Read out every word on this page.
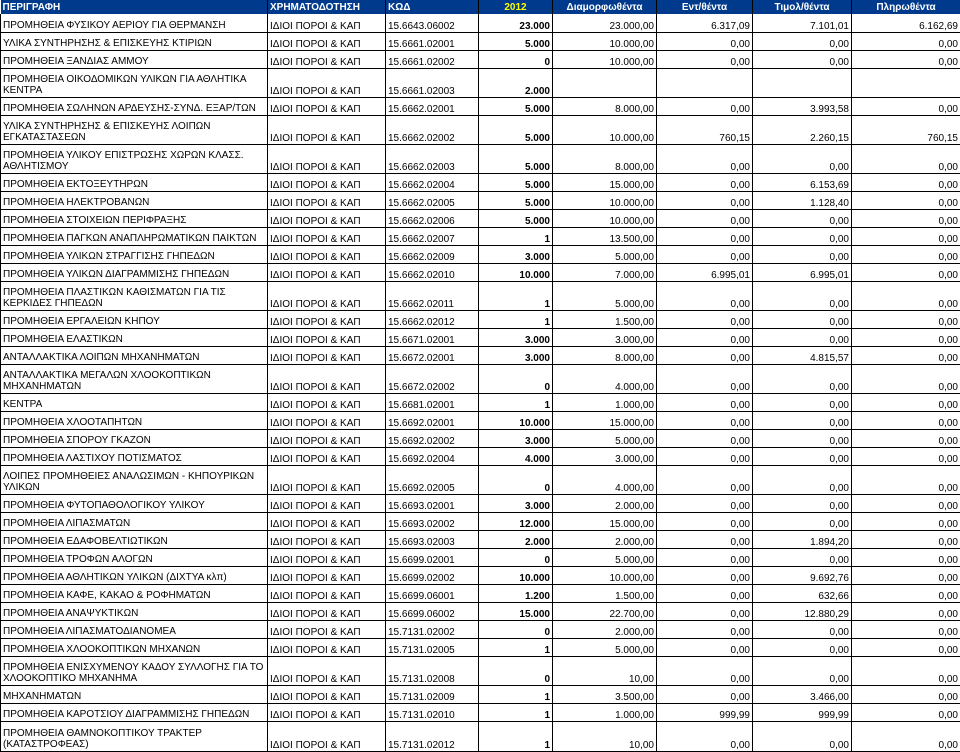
ΠΕΡΙΓΡΑΦΗ	ΧΡΗΜΑΤΟΔΟΤΗΣΗ	ΚΩΔ	2012	Διαμορφωθέντα	Εντ/θέντα	Τιμολ/θέντα	Πληρωθέντα
ΠΡΟΜΗΘΕΙΑ ΦΥΣΙΚΟΥ ΑΕΡΙΟΥ ΓΙΑ ΘΕΡΜΑΝΣΗ	ΙΔΙΟΙ ΠΟΡΟΙ & ΚΑΠ	15.6643.06002	23.000	23.000,00	6.317,09	7.101,01	6.162,69
ΥΛΙΚΑ ΣΥΝΤΗΡΗΣΗΣ & ΕΠΙΣΚΕΥΗΣ ΚΤΙΡΙΩΝ	ΙΔΙΟΙ ΠΟΡΟΙ & ΚΑΠ	15.6661.02001	5.000	10.000,00	0,00	0,00	0,00
ΠΡΟΜΗΘΕΙΑ ΞΑΝΔΙΑΣ ΑΜΜΟΥ	ΙΔΙΟΙ ΠΟΡΟΙ & ΚΑΠ	15.6661.02002	0	10.000,00	0,00	0,00	0,00
ΠΡΟΜΗΘΕΙΑ ΟΙΚΟΔΟΜΙΚΩΝ ΥΛΙΚΩΝ ΓΙΑ ΑΘΛΗΤΙΚΑ ΚΕΝΤΡΑ	ΙΔΙΟΙ ΠΟΡΟΙ & ΚΑΠ	15.6661.02003	2.000				
ΠΡΟΜΗΘΕΙΑ ΣΩΛΗΝΩΝ ΑΡΔΕΥΣΗΣ-ΣΥΝΔ. ΕΞΑΡ/ΤΩΝ	ΙΔΙΟΙ ΠΟΡΟΙ & ΚΑΠ	15.6662.02001	5.000	8.000,00	0,00	3.993,58	0,00
ΥΛΙΚΑ ΣΥΝΤΗΡΗΣΗΣ & ΕΠΙΣΚΕΥΗΣ ΛΟΙΠΩΝ ΕΓΚΑΤΑΣΤΑΣΕΩΝ	ΙΔΙΟΙ ΠΟΡΟΙ & ΚΑΠ	15.6662.02002	5.000	10.000,00	760,15	2.260,15	760,15
ΠΡΟΜΗΘΕΙΑ ΥΛΙΚΟΥ ΕΠΙΣΤΡΩΣΗΣ ΧΩΡΩΝ ΚΛΑΣΣ. ΑΘΛΗΤΙΣΜΟΥ	ΙΔΙΟΙ ΠΟΡΟΙ & ΚΑΠ	15.6662.02003	5.000	8.000,00	0,00	0,00	0,00
ΠΡΟΜΗΘΕΙΑ ΕΚΤΟΞΕΥΤΗΡΩΝ	ΙΔΙΟΙ ΠΟΡΟΙ & ΚΑΠ	15.6662.02004	5.000	15.000,00	0,00	6.153,69	0,00
ΠΡΟΜΗΘΕΙΑ ΗΛΕΚΤΡΟΒΑΝΩΝ	ΙΔΙΟΙ ΠΟΡΟΙ & ΚΑΠ	15.6662.02005	5.000	10.000,00	0,00	1.128,40	0,00
ΠΡΟΜΗΘΕΙΑ ΣΤΟΙΧΕΙΩΝ ΠΕΡΙΦΡΑΞΗΣ	ΙΔΙΟΙ ΠΟΡΟΙ & ΚΑΠ	15.6662.02006	5.000	10.000,00	0,00	0,00	0,00
ΠΡΟΜΗΘΕΙΑ ΠΑΓΚΩΝ ΑΝΑΠΛΗΡΩΜΑΤΙΚΩΝ ΠΑΙΚΤΩΝ	ΙΔΙΟΙ ΠΟΡΟΙ & ΚΑΠ	15.6662.02007	1	13.500,00	0,00	0,00	0,00
ΠΡΟΜΗΘΕΙΑ ΥΛΙΚΩΝ ΣΤΡΑΓΓΙΣΗΣ ΓΗΠΕΔΩΝ	ΙΔΙΟΙ ΠΟΡΟΙ & ΚΑΠ	15.6662.02009	3.000	5.000,00	0,00	0,00	0,00
ΠΡΟΜΗΘΕΙΑ ΥΛΙΚΩΝ ΔΙΑΓΡΑΜΜΙΣΗΣ ΓΗΠΕΔΩΝ	ΙΔΙΟΙ ΠΟΡΟΙ & ΚΑΠ	15.6662.02010	10.000	7.000,00	6.995,01	6.995,01	0,00
ΠΡΟΜΗΘΕΙΑ ΠΛΑΣΤΙΚΩΝ ΚΑΘΙΣΜΑΤΩΝ ΓΙΑ ΤΙΣ ΚΕΡΚΙΔΕΣ ΓΗΠΕΔΩΝ	ΙΔΙΟΙ ΠΟΡΟΙ & ΚΑΠ	15.6662.02011	1	5.000,00	0,00	0,00	0,00
ΠΡΟΜΗΘΕΙΑ ΕΡΓΑΛΕΙΩΝ ΚΗΠΟΥ	ΙΔΙΟΙ ΠΟΡΟΙ & ΚΑΠ	15.6662.02012	1	1.500,00	0,00	0,00	0,00
ΠΡΟΜΗΘΕΙΑ ΕΛΑΣΤΙΚΩΝ	ΙΔΙΟΙ ΠΟΡΟΙ & ΚΑΠ	15.6671.02001	3.000	3.000,00	0,00	0,00	0,00
ΑΝΤΑΛΛΑΚΤΙΚΑ ΛΟΙΠΩΝ ΜΗΧΑΝΗΜΑΤΩΝ	ΙΔΙΟΙ ΠΟΡΟΙ & ΚΑΠ	15.6672.02001	3.000	8.000,00	0,00	4.815,57	0,00
ΑΝΤΑΛΛΑΚΤΙΚΑ ΜΕΓΑΛΩΝ ΧΛΟΟΚΟΠΤΙΚΩΝ ΜΗΧΑΝΗΜΑΤΩΝ	ΙΔΙΟΙ ΠΟΡΟΙ & ΚΑΠ	15.6672.02002	0	4.000,00	0,00	0,00	0,00
ΚΕΝΤΡΑ	ΙΔΙΟΙ ΠΟΡΟΙ & ΚΑΠ	15.6681.02001	1	1.000,00	0,00	0,00	0,00
ΠΡΟΜΗΘΕΙΑ ΧΛΟΟΤΑΠΗΤΩΝ	ΙΔΙΟΙ ΠΟΡΟΙ & ΚΑΠ	15.6692.02001	10.000	15.000,00	0,00	0,00	0,00
ΠΡΟΜΗΘΕΙΑ ΣΠΟΡΟΥ ΓΚΑΖΟΝ	ΙΔΙΟΙ ΠΟΡΟΙ & ΚΑΠ	15.6692.02002	3.000	5.000,00	0,00	0,00	0,00
ΠΡΟΜΗΘΕΙΑ ΛΑΣΤΙΧΟΥ ΠΟΤΙΣΜΑΤΟΣ	ΙΔΙΟΙ ΠΟΡΟΙ & ΚΑΠ	15.6692.02004	4.000	3.000,00	0,00	0,00	0,00
ΛΟΙΠΕΣ ΠΡΟΜΗΘΕΙΕΣ ΑΝΑΛΩΣΙΜΩΝ - ΚΗΠΟΥΡΙΚΩΝ ΥΛΙΚΩΝ	ΙΔΙΟΙ ΠΟΡΟΙ & ΚΑΠ	15.6692.02005	0	4.000,00	0,00	0,00	0,00
ΠΡΟΜΗΘΕΙΑ ΦΥΤΟΠΑΘΟΛΟΓΙΚΟΥ ΥΛΙΚΟΥ	ΙΔΙΟΙ ΠΟΡΟΙ & ΚΑΠ	15.6693.02001	3.000	2.000,00	0,00	0,00	0,00
ΠΡΟΜΗΘΕΙΑ ΛΙΠΑΣΜΑΤΩΝ	ΙΔΙΟΙ ΠΟΡΟΙ & ΚΑΠ	15.6693.02002	12.000	15.000,00	0,00	0,00	0,00
ΠΡΟΜΗΘΕΙΑ ΕΔΑΦΟΒΕΛΤΙΩΤΙΚΩΝ	ΙΔΙΟΙ ΠΟΡΟΙ & ΚΑΠ	15.6693.02003	2.000	2.000,00	0,00	1.894,20	0,00
ΠΡΟΜΗΘΕΙΑ ΤΡΟΦΩΝ ΑΛΟΓΩΝ	ΙΔΙΟΙ ΠΟΡΟΙ & ΚΑΠ	15.6699.02001	0	5.000,00	0,00	0,00	0,00
ΠΡΟΜΗΘΕΙΑ ΑΘΛΗΤΙΚΩΝ ΥΛΙΚΩΝ (ΔΙΧΤΥΑ κλπ)	ΙΔΙΟΙ ΠΟΡΟΙ & ΚΑΠ	15.6699.02002	10.000	10.000,00	0,00	9.692,76	0,00
ΠΡΟΜΗΘΕΙΑ ΚΑΦΕ, ΚΑΚΑΟ & ΡΟΦΗΜΑΤΩΝ	ΙΔΙΟΙ ΠΟΡΟΙ & ΚΑΠ	15.6699.06001	1.200	1.500,00	0,00	632,66	0,00
ΠΡΟΜΗΘΕΙΑ ΑΝΑΨΥΚΤΙΚΩΝ	ΙΔΙΟΙ ΠΟΡΟΙ & ΚΑΠ	15.6699.06002	15.000	22.700,00	0,00	12.880,29	0,00
ΠΡΟΜΗΘΕΙΑ ΛΙΠΑΣΜΑΤΟΔΙΑΝΟΜΕΑ	ΙΔΙΟΙ ΠΟΡΟΙ & ΚΑΠ	15.7131.02002	0	2.000,00	0,00	0,00	0,00
ΠΡΟΜΗΘΕΙΑ ΧΛΟΟΚΟΠΤΙΚΩΝ ΜΗΧΑΝΩΝ	ΙΔΙΟΙ ΠΟΡΟΙ & ΚΑΠ	15.7131.02005	1	5.000,00	0,00	0,00	0,00
ΠΡΟΜΗΘΕΙΑ ΕΝΙΣΧΥΜΕΝΟΥ ΚΑΔΟΥ ΣΥΛΛΟΓΗΣ ΓΙΑ ΤΟ ΧΛΟΟΚΟΠΤΙΚΟ ΜΗΧΑΝΗΜΑ	ΙΔΙΟΙ ΠΟΡΟΙ & ΚΑΠ	15.7131.02008	0	10,00	0,00	0,00	0,00
ΜΗΧΑΝΗΜΑΤΩΝ	ΙΔΙΟΙ ΠΟΡΟΙ & ΚΑΠ	15.7131.02009	1	3.500,00	0,00	3.466,00	0,00
ΠΡΟΜΗΘΕΙΑ ΚΑΡΟΤΣΙΟΥ ΔΙΑΓΡΑΜΜΙΣΗΣ ΓΗΠΕΔΩΝ	ΙΔΙΟΙ ΠΟΡΟΙ & ΚΑΠ	15.7131.02010	1	1.000,00	999,99	999,99	0,00
ΠΡΟΜΗΘΕΙΑ ΘΑΜΝΟΚΟΠΤΙΚΟΥ ΤΡΑΚΤΕΡ (ΚΑΤΑΣΤΡΟΦΕΑΣ)	ΙΔΙΟΙ ΠΟΡΟΙ & ΚΑΠ	15.7131.02012	1	10,00	0,00	0,00	0,00
